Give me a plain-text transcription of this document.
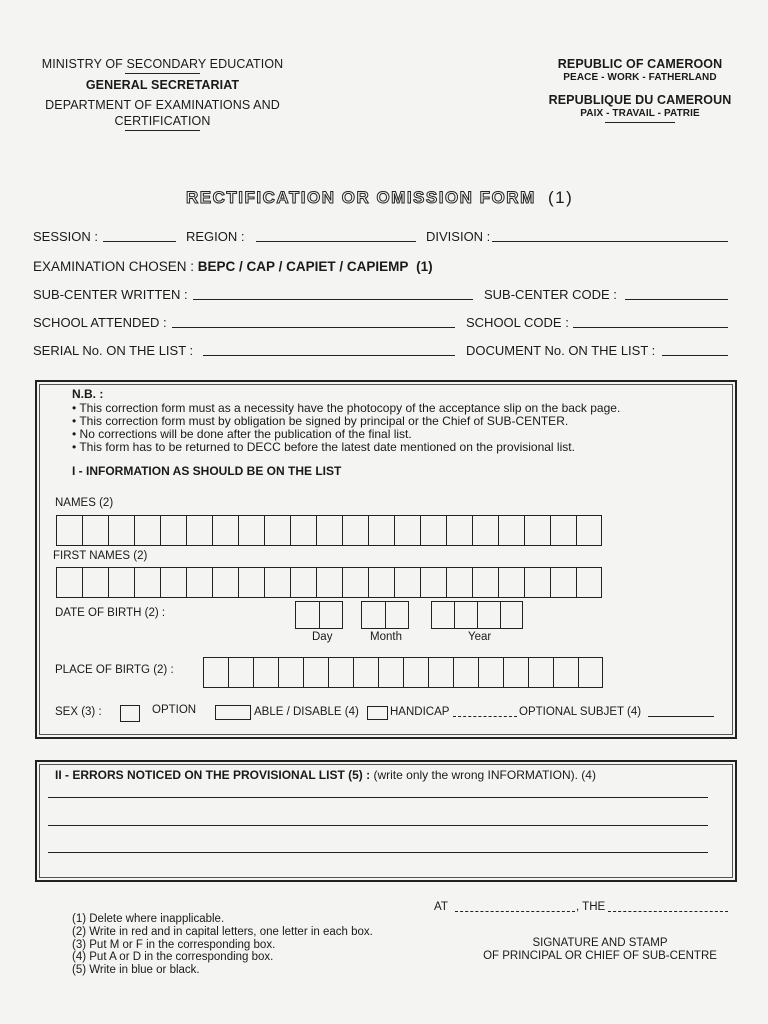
MINISTRY OF SECONDARY EDUCATION
GENERAL SECRETARIAT
DEPARTMENT OF EXAMINATIONS AND
CERTIFICATION
REPUBLIC OF CAMEROON
PEACE - WORK - FATHERLAND
REPUBLIQUE DU CAMEROUN
PAIX - TRAVAIL - PATRIE
RECTIFICATION OR OMISSION FORM (1)
SESSION :	REGION :	DIVISION :
EXAMINATION CHOSEN : BEPC / CAP / CAPIET / CAPIEMP (1)
SUB-CENTER WRITTEN :	SUB-CENTER CODE :
SCHOOL ATTENDED :	SCHOOL CODE :
SERIAL No. ON THE LIST :	DOCUMENT No. ON THE LIST :
N.B. :
• This correction form must as a necessity have the photocopy of the acceptance slip on the back page.
• This correction form must by obligation be signed by principal or the Chief of SUB-CENTER.
• No corrections will be done after the publication of the final list.
• This form has to be returned to DECC before the latest date mentioned on the provisional list.
I - INFORMATION AS SHOULD BE ON THE LIST
NAMES (2)
FIRST NAMES (2)
DATE OF BIRTH (2) :
Day	Month	Year
PLACE OF BIRTG (2) :
SEX (3) :	OPTION	ABLE / DISABLE (4)	HANDICAP	OPTIONAL SUBJET (4)
II - ERRORS NOTICED ON THE PROVISIONAL LIST (5) : (write only the wrong INFORMATION). (4)
(1) Delete where inapplicable.
(2) Write in red and in capital letters, one letter in each box.
(3) Put M or F in the corresponding box.
(4) Put A or D in the corresponding box.
(5) Write in blue or black.
AT	, THE
SIGNATURE AND STAMP
OF PRINCIPAL OR CHIEF OF SUB-CENTRE
